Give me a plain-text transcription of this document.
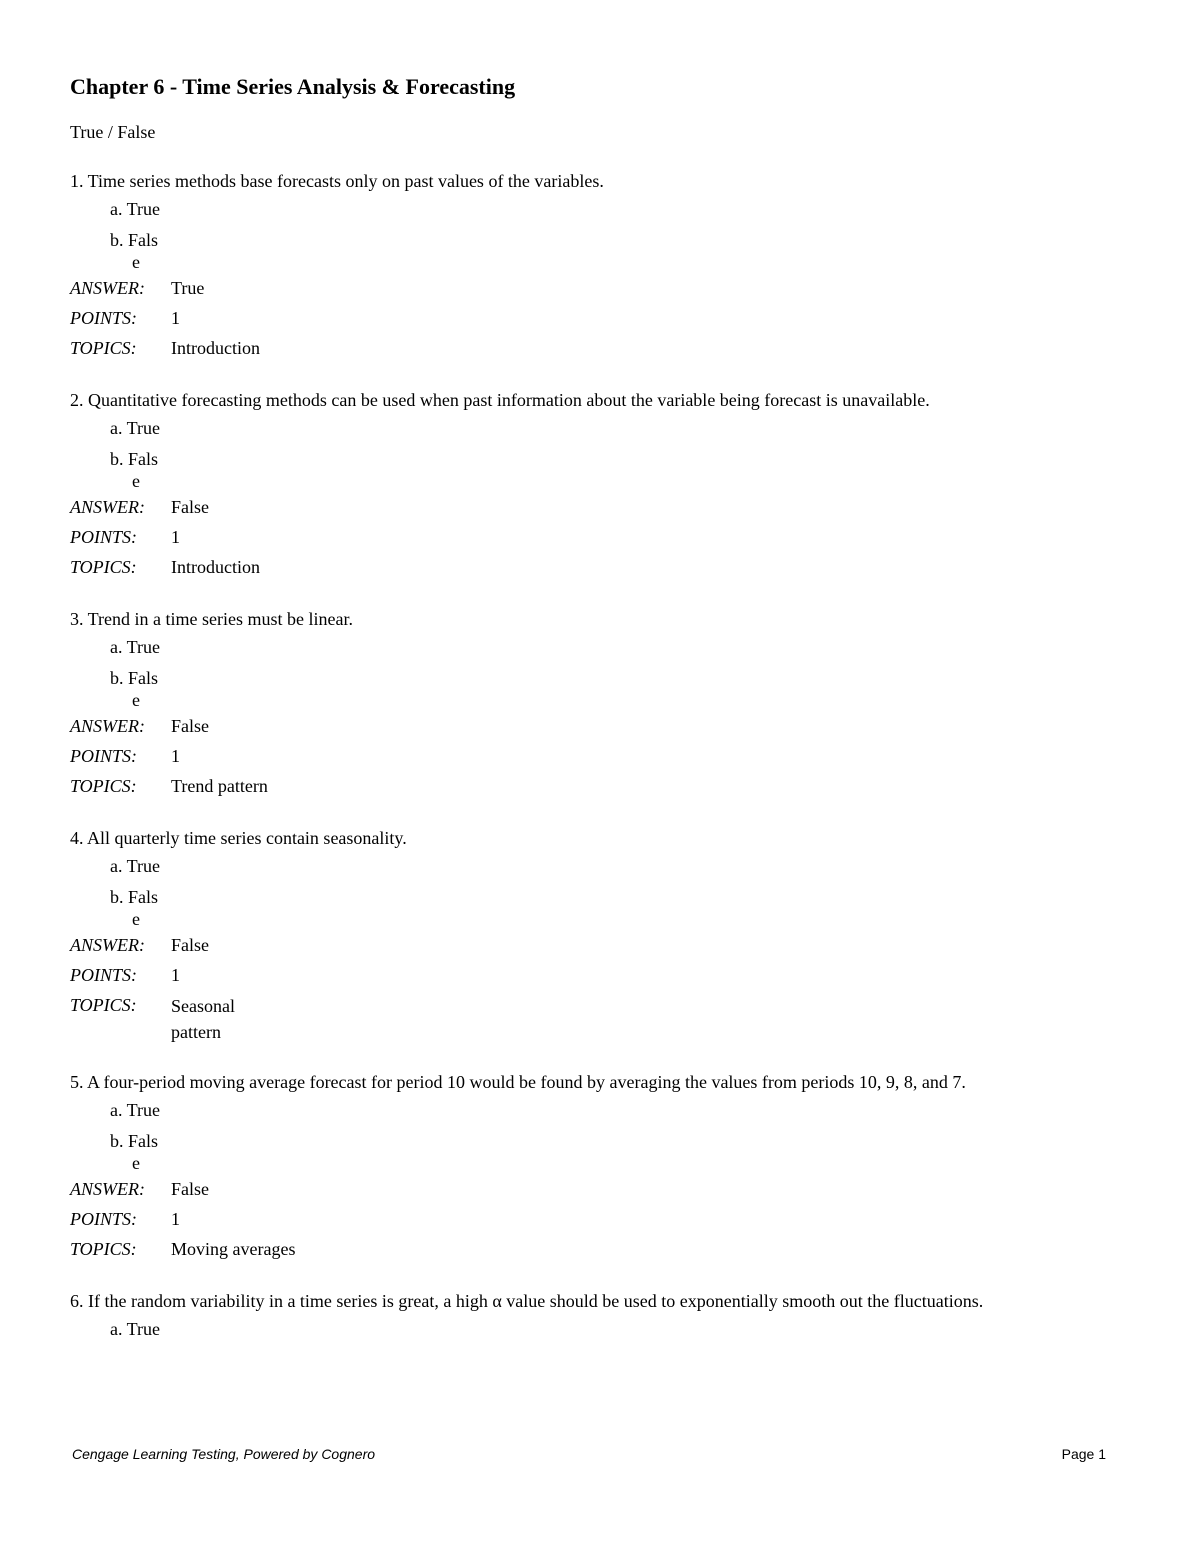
Chapter 6 - Time Series Analysis & Forecasting
True / False
1. Time series methods base forecasts only on past values of the variables.
a. True
b. Fals
e
ANSWER:	True
POINTS:	1
TOPICS:	Introduction
2. Quantitative forecasting methods can be used when past information about the variable being forecast is unavailable.
a. True
b. Fals
e
ANSWER:	False
POINTS:	1
TOPICS:	Introduction
3. Trend in a time series must be linear.
a. True
b. Fals
e
ANSWER:	False
POINTS:	1
TOPICS:	Trend pattern
4. All quarterly time series contain seasonality.
a. True
b. Fals
e
ANSWER:	False
POINTS:	1
TOPICS:	Seasonal pattern
5. A four-period moving average forecast for period 10 would be found by averaging the values from periods 10, 9, 8, and 7.
a. True
b. Fals
e
ANSWER:	False
POINTS:	1
TOPICS:	Moving averages
6. If the random variability in a time series is great, a high α value should be used to exponentially smooth out the fluctuations.
a. True
Cengage Learning Testing, Powered by Cognero	Page 1
